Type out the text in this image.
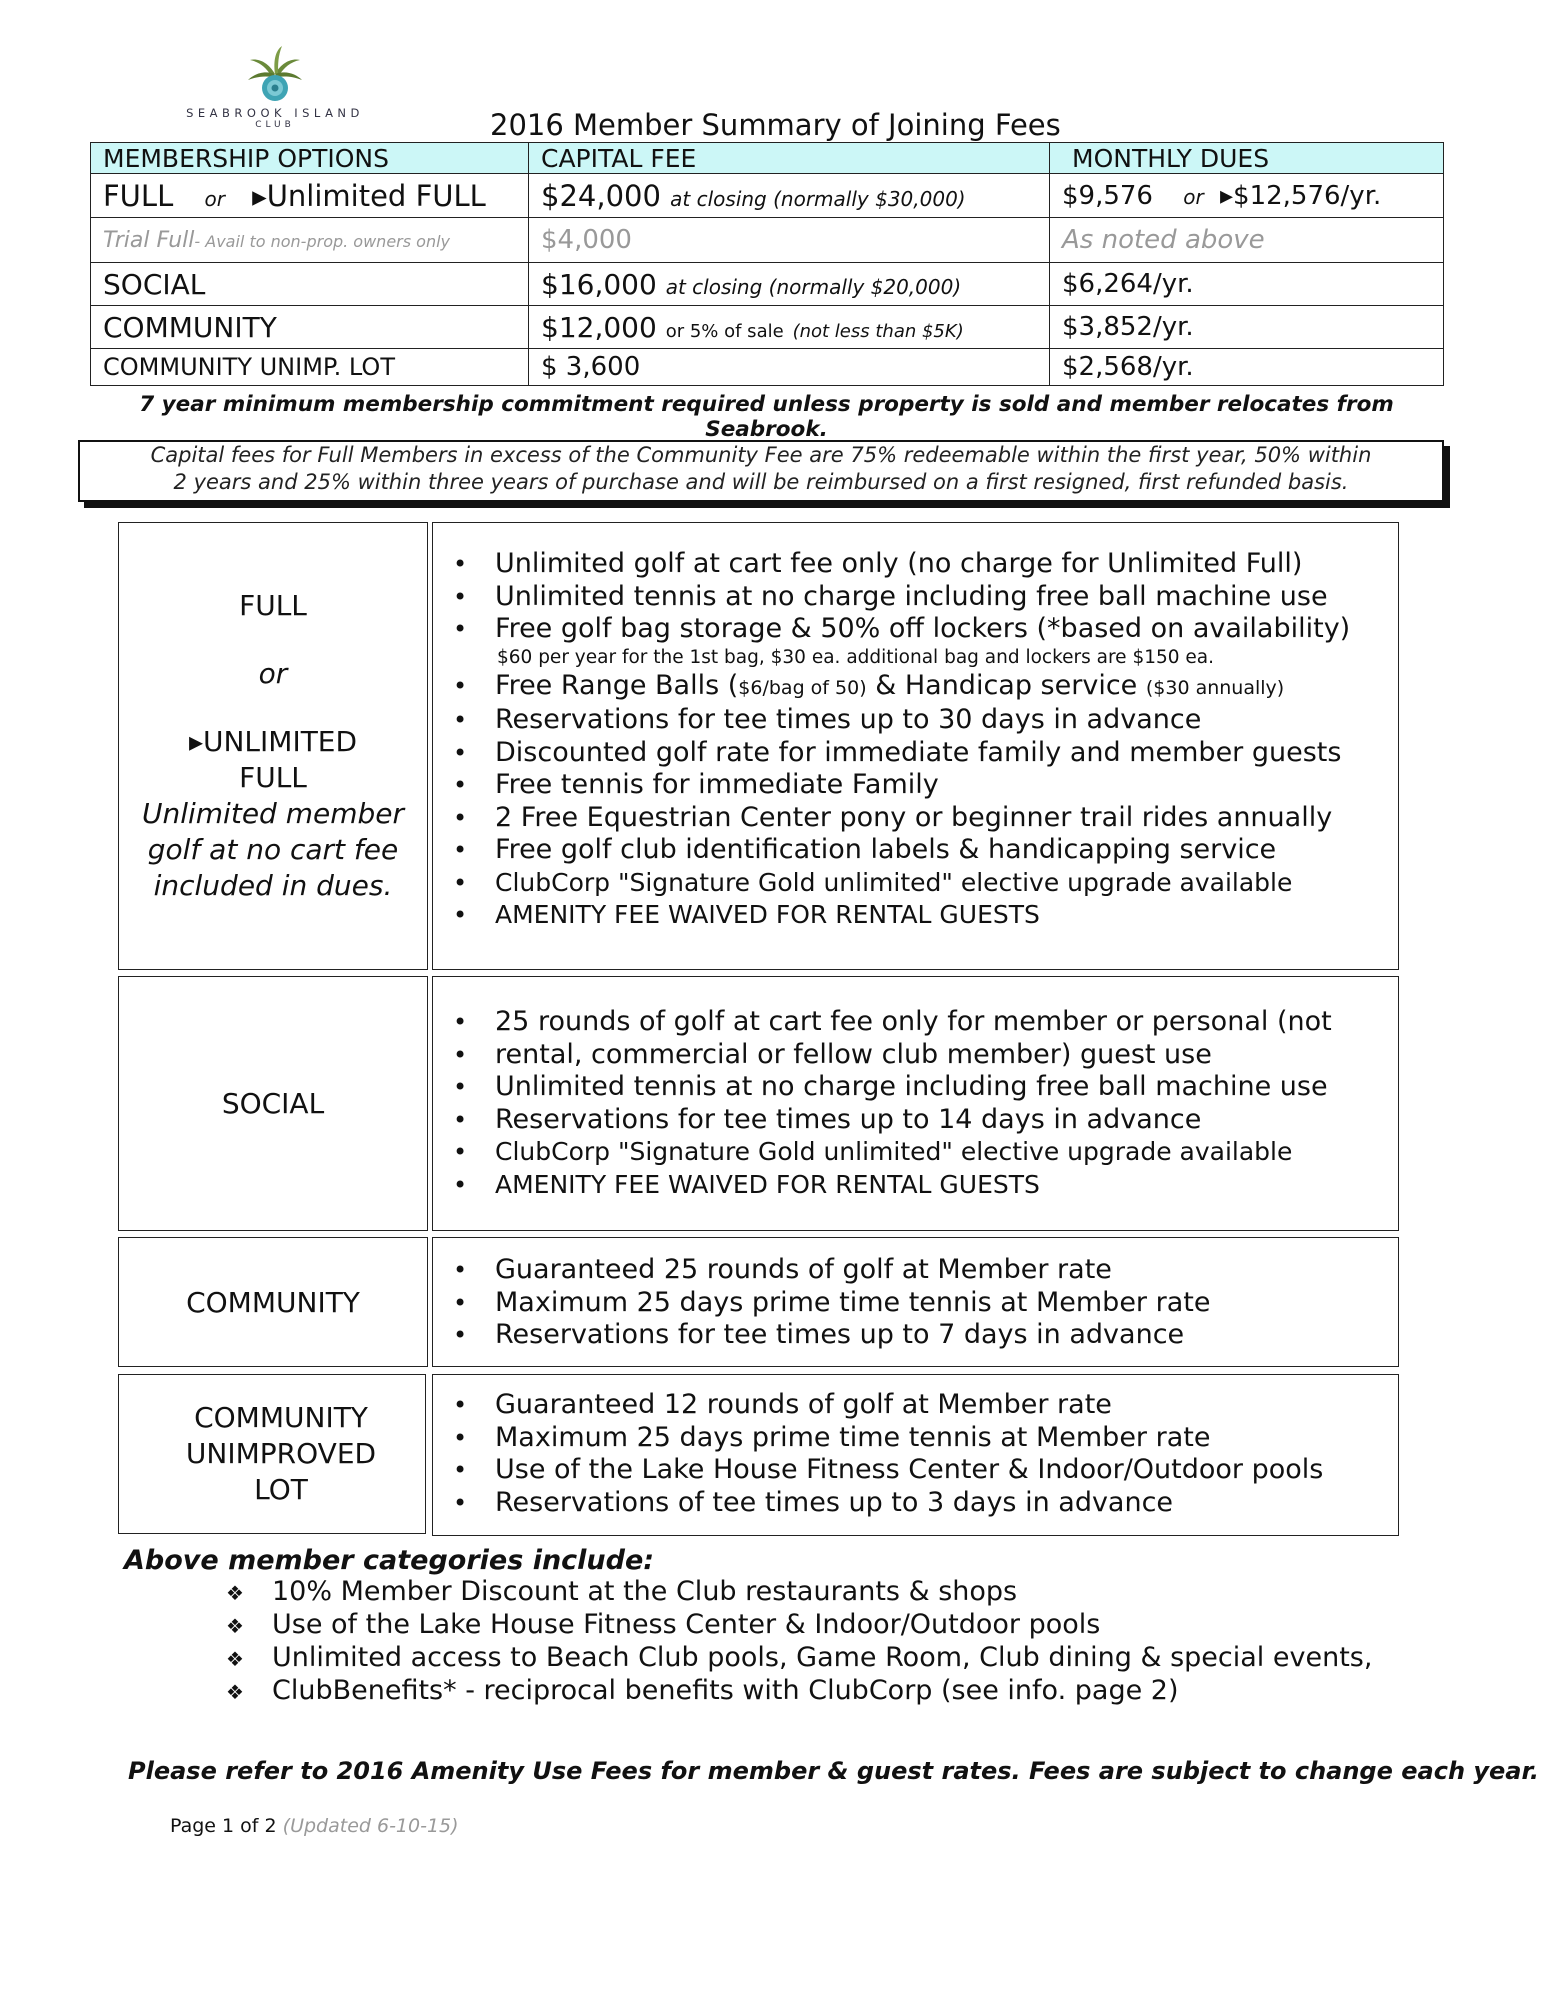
SEABROOK ISLAND
CLUB	2016 Member Summary of Joining Fees
MEMBERSHIP OPTIONS	CAPITAL FEE	MONTHLY DUES
FULL or ▸Unlimited FULL	$24,000 at closing (normally $30,000)	$9,576 or ▸$12,576/yr.
Trial Full- Avail to non-prop. owners only	$4,000	As noted above
SOCIAL	$16,000 at closing (normally $20,000)	$6,264/yr.
COMMUNITY	$12,000 or 5% of sale (not less than $5K)	$3,852/yr.
COMMUNITY UNIMP. LOT	$ 3,600	$2,568/yr.
7 year minimum membership commitment required unless property is sold and member relocates from Seabrook.
Capital fees for Full Members in excess of the Community Fee are 75% redeemable within the first year, 50% within
2 years and 25% within three years of purchase and will be reimbursed on a first resigned, first refunded basis.
FULL
or
▸UNLIMITED
FULL
Unlimited member
golf at no cart fee
included in dues.
• Unlimited golf at cart fee only (no charge for Unlimited Full)
• Unlimited tennis at no charge including free ball machine use
• Free golf bag storage & 50% off lockers (*based on availability)
$60 per year for the 1st bag, $30 ea. additional bag and lockers are $150 ea.
• Free Range Balls ($6/bag of 50) & Handicap service ($30 annually)
• Reservations for tee times up to 30 days in advance
• Discounted golf rate for immediate family and member guests
• Free tennis for immediate Family
• 2 Free Equestrian Center pony or beginner trail rides annually
• Free golf club identification labels & handicapping service
• ClubCorp "Signature Gold unlimited" elective upgrade available
• AMENITY FEE WAIVED FOR RENTAL GUESTS
SOCIAL
• 25 rounds of golf at cart fee only for member or personal (not
• rental, commercial or fellow club member) guest use
• Unlimited tennis at no charge including free ball machine use
• Reservations for tee times up to 14 days in advance
• ClubCorp "Signature Gold unlimited" elective upgrade available
• AMENITY FEE WAIVED FOR RENTAL GUESTS
COMMUNITY
• Guaranteed 25 rounds of golf at Member rate
• Maximum 25 days prime time tennis at Member rate
• Reservations for tee times up to 7 days in advance
COMMUNITY
UNIMPROVED
LOT
• Guaranteed 12 rounds of golf at Member rate
• Maximum 25 days prime time tennis at Member rate
• Use of the Lake House Fitness Center & Indoor/Outdoor pools
• Reservations of tee times up to 3 days in advance
Above member categories include:
❖ 10% Member Discount at the Club restaurants & shops
❖ Use of the Lake House Fitness Center & Indoor/Outdoor pools
❖ Unlimited access to Beach Club pools, Game Room, Club dining & special events,
❖ ClubBenefits* - reciprocal benefits with ClubCorp (see info. page 2)
Please refer to 2016 Amenity Use Fees for member & guest rates. Fees are subject to change each year.
Page 1 of 2 (Updated 6-10-15)
